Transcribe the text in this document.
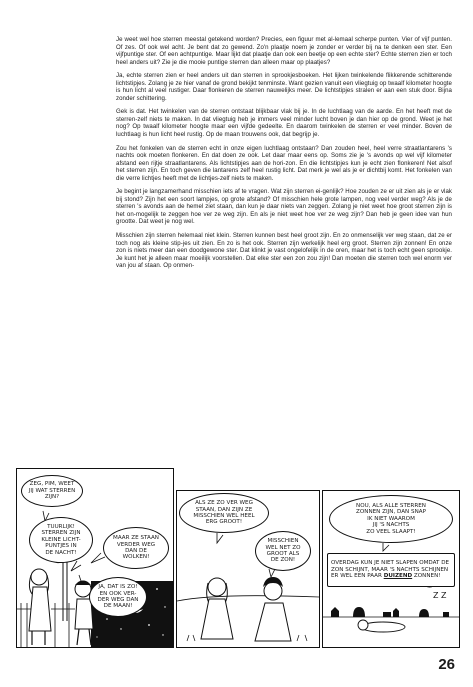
Je weet wel hoe sterren meestal getekend worden? Precies, een figuur met al-lemaal scherpe punten. Vier of vijf punten. Of zes. Of ook wel acht. Je bent dat zo gewend. Zo'n plaatje noem je zonder er verder bij na te denken een ster. Een vijfpuntige ster. Of een achtpuntige. Maar lijkt dat plaatje dan ook een beetje op een echte ster? Echte sterren zien er toch heel anders uit? Zie je die mooie puntige sterren dan alleen maar op plaatjes?

Ja, echte sterren zien er heel anders uit dan sterren in sprookjesboeken. Het lijken twinkelende flikkerende schitterende lichtstipjes. Zolang je ze hier vanaf de grond bekijkt tenminste. Want gezien vanuit een vliegtuig op twaalf kilometer hoogte is hun licht al veel rustiger. Daar flonkeren de sterren nauwelijks meer. De lichtstipjes stralen er aan een stuk door. Bijna zonder schittering.

Gek is dat. Het twinkelen van de sterren ontstaat blijkbaar vlak bij je. In de luchtlaag van de aarde. En het heeft met de sterren-zelf niets te maken. In dat vliegtuig heb je immers veel minder lucht boven je dan hier op de grond. Weet je het nog? Op twaalf kilometer hoogte maar een vijfde gedeelte. En daarom twinkelen de sterren er veel minder. Boven de luchtlaag is hun licht heel rustig. Op de maan trouwens ook, dat begrijp je.

Zou het fonkelen van de sterren echt in onze eigen luchtlaag ontstaan? Dan zouden heel, heel verre straatlantarens 's nachts ook moeten flonkeren. En dat doen ze ook. Let daar maar eens op. Soms zie je 's avonds op wel vijf kilometer afstand een rijtje straatlantarens. Als lichtstipjes aan de hori-zon. En die lichtstipjes kun je echt zien flonkeren! Net alsof het sterren zijn. En toch geven die lantarens zelf heel rustig licht. Dat merk je wel als je er dichtbij komt. Het fonkelen van die verre lichtjes heeft met de lichtjes-zelf niets te maken.

Je begint je langzamerhand misschien iets af te vragen. Wat zijn sterren ei-genlijk? Hoe zouden ze er uit zien als je er vlak bij stond? Zijn het een soort lampjes, op grote afstand? Of misschien hele grote lampen, nog veel verder weg? Als je de sterren 's avonds aan de hemel ziet staan, dan kun je daar niets van zeggen. Zolang je niet weet hoe groot sterren zijn is het on-mogelijk te zeggen hoe ver ze weg zijn. En als je niet weet hoe ver ze weg zijn? Dan heb je geen idee van hun grootte. Dat weet je nog wel.

Misschien zijn sterren helemaal niet klein. Sterren kunnen best heel groot zijn. En zo onmenselijk ver weg staan, dat ze er toch nog als kleine stip-jes uit zien. En zo is het ook. Sterren zijn werkelijk heel erg groot. Sterren zijn zonnen! En onze zon is niets meer dan een doodgewone ster. Dat klinkt je vast ongelofelijk in de oren, maar het is toch echt geen sprookje. Je kunt het je alleen maar moeilijk voorstellen. Dat elke ster een zon zou zijn! Dan moeten die sterren toch wel enorm ver van jou af staan. Op onmen-

ZEG, PIM, WEET
JIJ WAT STERREN
ZIJN?
TUURLIJK!
STERREN ZIJN
KLEINE LICHT-
PUNTJES IN
DE NACHT!
MAAR ZE STAAN
VERDER WEG
DAN DE
WOLKEN!
JA, DAT IS ZO!
EN OOK VER-
DER WEG DAN
DE MAAN!
ALS ZE ZO VER WEG
STAAN, DAN ZIJN ZE
MISSCHIEN WEL HEEL
ERG GROOT!
MISSCHIEN
WEL NET ZO
GROOT ALS
DE ZON!
NOU, ALS ALLE STERREN
ZONNEN ZIJN, DAN SNAP
IK NIET WAAROM
JIJ 'S NACHTS
ZO VEEL SLAAPT!
OVERDAG KUN JE NIET SLAPEN OMDAT DE ZON SCHIJNT, MAAR 'S NACHTS SCHIJNEN ER WEL EEN PAAR DUIZEND ZONNEN!
Z Z
26
